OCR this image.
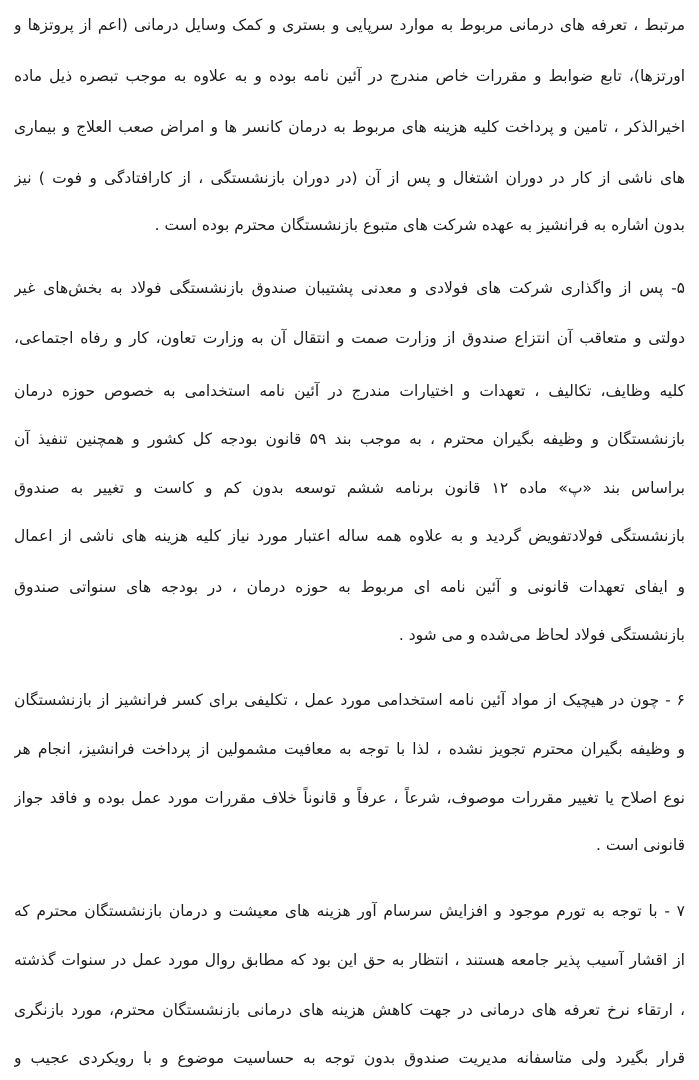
مرتبط ، تعرفه های درمانی مربوط به موارد سرپایی و بستری و کمک وسایل درمانی (اعم از پروتزها و
اورتزها)، تابع ضوابط و مقررات خاص مندرج در آئین نامه بوده و به علاوه به موجب تبصره ذیل ماده
اخیرالذکر ، تامین و پرداخت کلیه هزینه های مربوط به درمان کانسر ها و امراض صعب العلاج و بیماری
های ناشی از کار در دوران اشتغال و پس از آن (در دوران بازنشستگی ، از کارافتادگی و فوت ) نیز
بدون اشاره به فرانشیز به عهده شرکت های متبوع بازنشستگان محترم بوده است .
۵- پس از واگذاری شرکت های فولادی و معدنی پشتیبان صندوق بازنشستگی فولاد به بخش‌های غیر
دولتی و متعاقب آن انتزاع صندوق از وزارت صمت و انتقال آن به وزارت تعاون، کار و رفاه اجتماعی،
کلیه وظایف، تکالیف ، تعهدات و اختیارات مندرج در آئین نامه استخدامی به خصوص حوزه درمان
بازنشستگان و وظیفه بگیران محترم ، به موجب بند ۵۹ قانون بودجه کل کشور و همچنین تنفیذ آن
براساس بند «پ» ماده ۱۲ قانون برنامه ششم توسعه بدون کم و کاست و تغییر به صندوق
بازنشستگی فولادتفویض گردید و به علاوه همه ساله اعتبار مورد نیاز کلیه هزینه های ناشی از اعمال
و ایفای تعهدات قانونی و آئین نامه ای مربوط به حوزه درمان ، در بودجه های سنواتی صندوق
بازنشستگی فولاد لحاظ می‌شده و می شود .
۶ - چون در هیچیک از مواد آئین نامه استخدامی مورد عمل ، تکلیفی برای کسر فرانشیز از بازنشستگان
و وظیفه بگیران محترم تجویز نشده ، لذا با توجه به معافیت مشمولین از پرداخت فرانشیز، انجام هر
نوع اصلاح یا تغییر مقررات موصوف، شرعاً ، عرفاً و قانوناً خلاف مقررات مورد عمل بوده و فاقد جواز
قانونی است .
۷ - با توجه به تورم موجود و افزایش سرسام آور هزینه های معیشت و درمان بازنشستگان محترم که
از اقشار آسیب پذیر جامعه هستند ، انتظار به حق این بود که مطابق روال مورد عمل در سنوات گذشته
، ارتقاء نرخ تعرفه های درمانی در جهت کاهش هزینه های درمانی بازنشستگان محترم، مورد بازنگری
قرار بگیرد ولی متاسفانه مدیریت صندوق بدون توجه به حساسیت موضوع و با رویکردی عجیب و
